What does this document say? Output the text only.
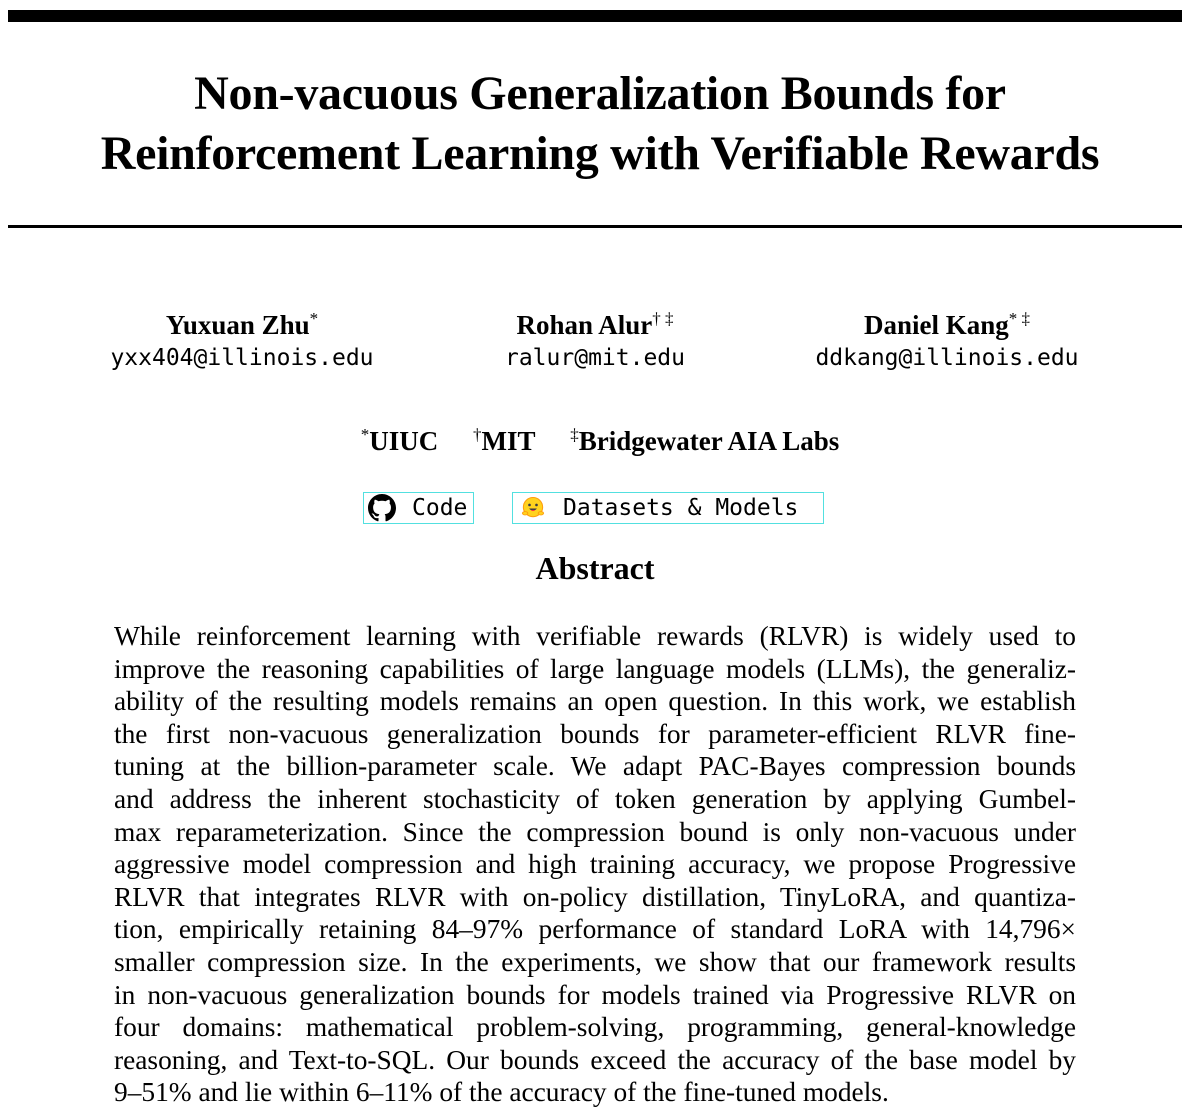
Non-vacuous Generalization Bounds for
Reinforcement Learning with Verifiable Rewards
Yuxuan Zhu*
yxx404@illinois.edu
Rohan Alur† ‡
ralur@mit.edu
Daniel Kang* ‡
ddkang@illinois.edu
*UIUC †MIT ‡Bridgewater AIA Labs
Code	Datasets & Models
Abstract
While reinforcement learning with verifiable rewards (RLVR) is widely used to
improve the reasoning capabilities of large language models (LLMs), the generaliz-
ability of the resulting models remains an open question. In this work, we establish
the first non-vacuous generalization bounds for parameter-efficient RLVR fine-
tuning at the billion-parameter scale. We adapt PAC-Bayes compression bounds
and address the inherent stochasticity of token generation by applying Gumbel-
max reparameterization. Since the compression bound is only non-vacuous under
aggressive model compression and high training accuracy, we propose Progressive
RLVR that integrates RLVR with on-policy distillation, TinyLoRA, and quantiza-
tion, empirically retaining 84–97% performance of standard LoRA with 14,796×
smaller compression size. In the experiments, we show that our framework results
in non-vacuous generalization bounds for models trained via Progressive RLVR on
four domains: mathematical problem-solving, programming, general-knowledge
reasoning, and Text-to-SQL. Our bounds exceed the accuracy of the base model by
9–51% and lie within 6–11% of the accuracy of the fine-tuned models.
